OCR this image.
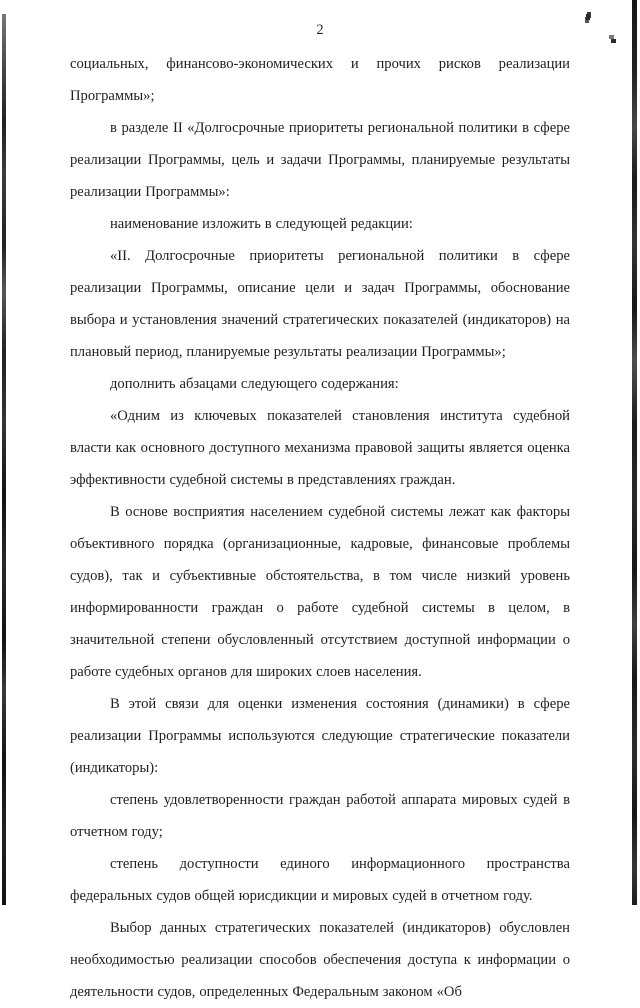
2

социальных, финансово-экономических и прочих рисков реализации Программы»;

в разделе II «Долгосрочные приоритеты региональной политики в сфере реализации Программы, цель и задачи Программы, планируемые результаты реализации Программы»:

наименование изложить в следующей редакции:

«II. Долгосрочные приоритеты региональной политики в сфере реализации Программы, описание цели и задач Программы, обоснование выбора и установления значений стратегических показателей (индикаторов) на плановый период, планируемые результаты реализации Программы»;

дополнить абзацами следующего содержания:

«Одним из ключевых показателей становления института судебной власти как основного доступного механизма правовой защиты является оценка эффективности судебной системы в представлениях граждан.

В основе восприятия населением судебной системы лежат как факторы объективного порядка (организационные, кадровые, финансовые проблемы судов), так и субъективные обстоятельства, в том числе низкий уровень информированности граждан о работе судебной системы в целом, в значительной степени обусловленный отсутствием доступной информации о работе судебных органов для широких слоев населения.

В этой связи для оценки изменения состояния (динамики) в сфере реализации Программы используются следующие стратегические показатели (индикаторы):

степень удовлетворенности граждан работой аппарата мировых судей в отчетном году;

степень доступности единого информационного пространства федеральных судов общей юрисдикции и мировых судей в отчетном году.

Выбор данных стратегических показателей (индикаторов) обусловлен необходимостью реализации способов обеспечения доступа к информации о деятельности судов, определенных Федеральным законом «Об
